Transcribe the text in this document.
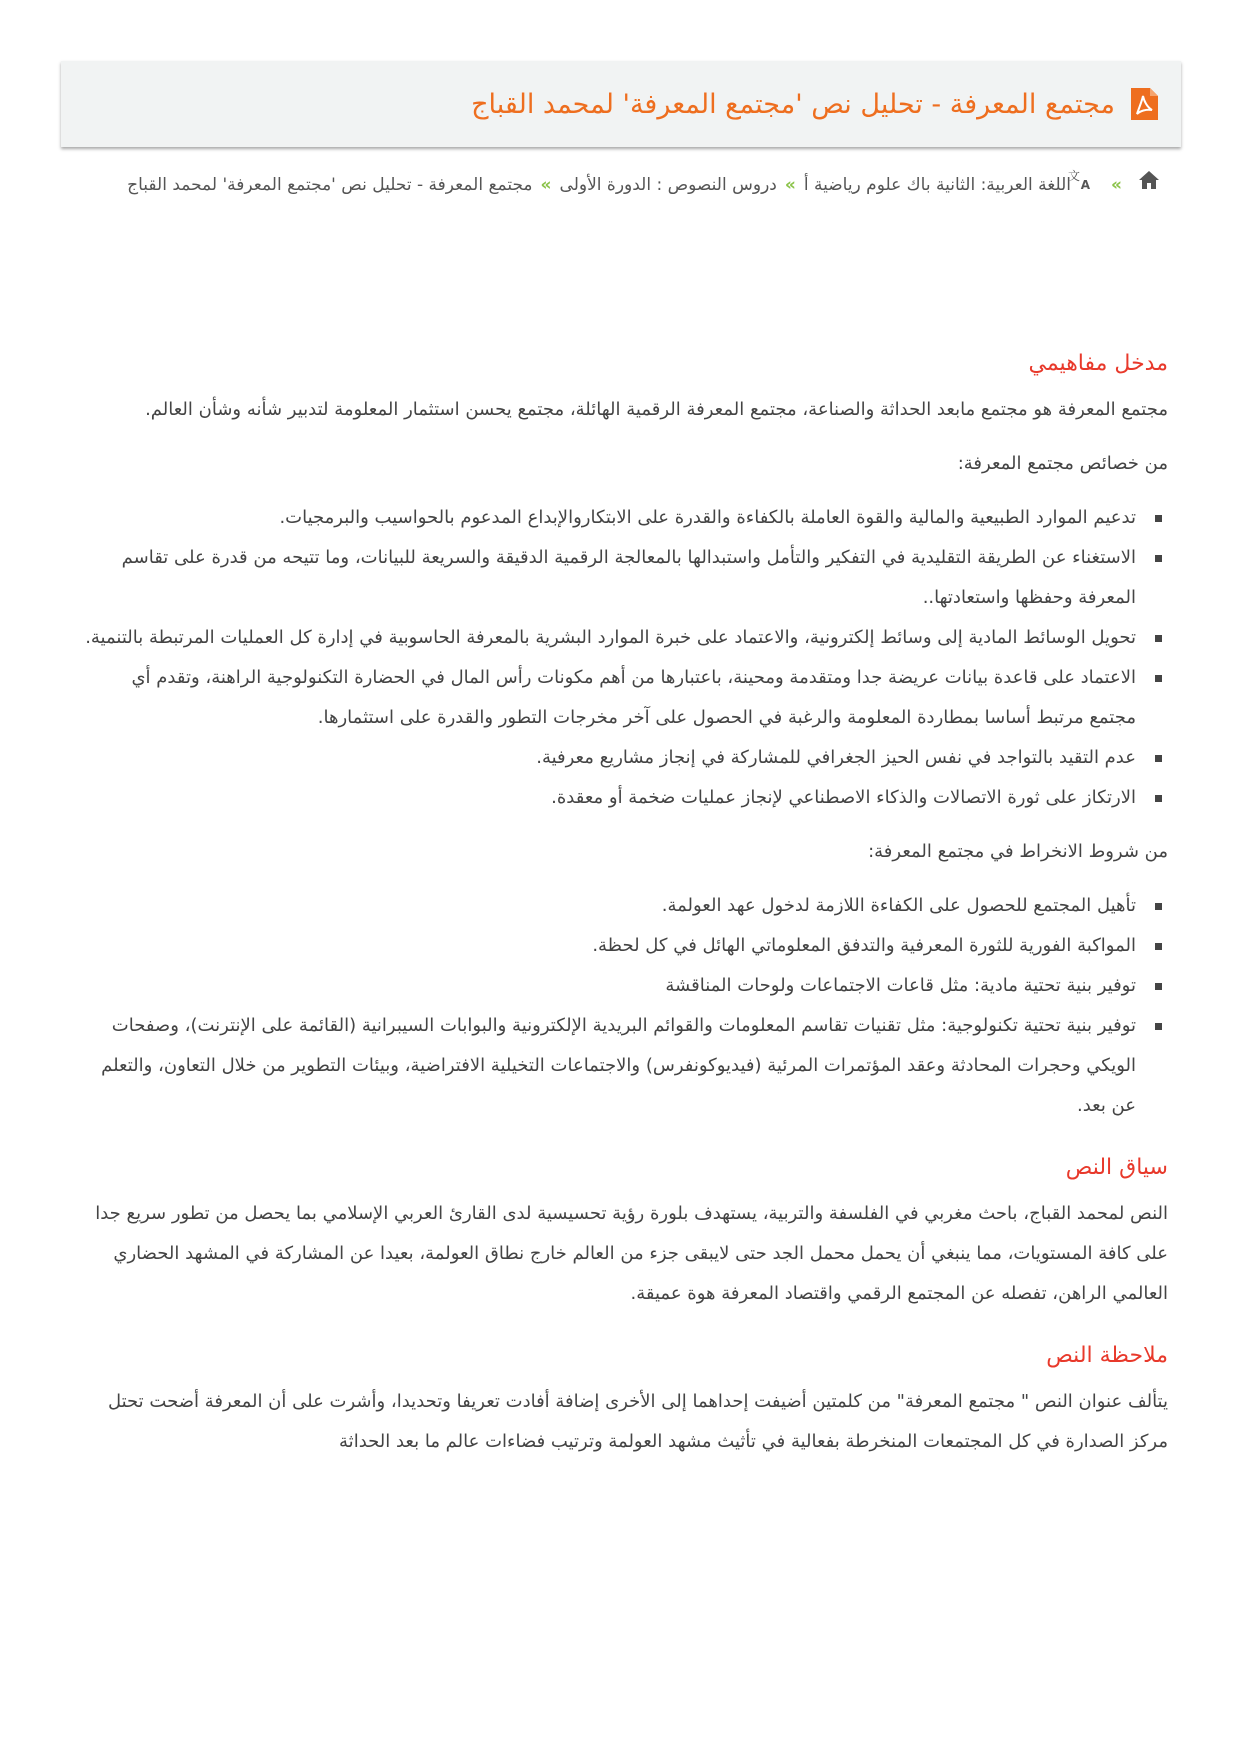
مجتمع المعرفة - تحليل نص 'مجتمع المعرفة' لمحمد القباج
»
文
A
اللغة العربية: الثانية باك علوم رياضية أ»دروس النصوص : الدورة الأولى»مجتمع المعرفة - تحليل نص 'مجتمع المعرفة' لمحمد القباج
مدخل مفاهيمي

مجتمع المعرفة هو مجتمع مابعد الحداثة والصناعة، مجتمع المعرفة الرقمية الهائلة، مجتمع يحسن استثمار المعلومة لتدبير شأنه وشأن العالم.

من خصائص مجتمع المعرفة:

تدعيم الموارد الطبيعية والمالية والقوة العاملة بالكفاءة والقدرة على الابتكاروالإبداع المدعوم بالحواسيب والبرمجيات.
الاستغناء عن الطريقة التقليدية في التفكير والتأمل واستبدالها بالمعالجة الرقمية الدقيقة والسريعة للبيانات، وما تتيحه من قدرة على تقاسم المعرفة وحفظها واستعادتها..
تحويل الوسائط المادية إلى وسائط إلكترونية، والاعتماد على خبرة الموارد البشرية بالمعرفة الحاسوبية في إدارة كل العمليات المرتبطة بالتنمية.
الاعتماد على قاعدة بيانات عريضة جدا ومتقدمة ومحينة، باعتبارها من أهم مكونات رأس المال في الحضارة التكنولوجية الراهنة، وتقدم أي مجتمع مرتبط أساسا بمطاردة المعلومة والرغبة في الحصول على آخر مخرجات التطور والقدرة على استثمارها.
عدم التقيد بالتواجد في نفس الحيز الجغرافي للمشاركة في إنجاز مشاريع معرفية.
الارتكاز على ثورة الاتصالات والذكاء الاصطناعي لإنجاز عمليات ضخمة أو معقدة.

من شروط الانخراط في مجتمع المعرفة:

تأهيل المجتمع للحصول على الكفاءة اللازمة لدخول عهد العولمة.
المواكبة الفورية للثورة المعرفية والتدفق المعلوماتي الهائل في كل لحظة.
توفير بنية تحتية مادية: مثل قاعات الاجتماعات ولوحات المناقشة
توفير بنية تحتية تكنولوجية: مثل تقنيات تقاسم المعلومات والقوائم البريدية الإلكترونية والبوابات السيبرانية (القائمة على الإنترنت)، وصفحات الويكي وحجرات المحادثة وعقد المؤتمرات المرئية (فيديوكونفرس) والاجتماعات التخيلية الافتراضية، وبيئات التطوير من خلال التعاون، والتعلم عن بعد.
سياق النص

النص لمحمد القباج، باحث مغربي في الفلسفة والتربية، يستهدف بلورة رؤية تحسيسية لدى القارئ العربي الإسلامي بما يحصل من تطور سريع جدا على كافة المستويات، مما ينبغي أن يحمل محمل الجد حتى لايبقى جزء من العالم خارج نطاق العولمة، بعيدا عن المشاركة في المشهد الحضاري العالمي الراهن، تفصله عن المجتمع الرقمي واقتصاد المعرفة هوة عميقة.

ملاحظة النص

يتألف عنوان النص " مجتمع المعرفة" من كلمتين أضيفت إحداهما إلى الأخرى إضافة أفادت تعريفا وتحديدا، وأشرت على أن المعرفة أضحت تحتل مركز الصدارة في كل المجتمعات المنخرطة بفعالية في تأثيث مشهد العولمة وترتيب فضاءات عالم ما بعد الحداثة
